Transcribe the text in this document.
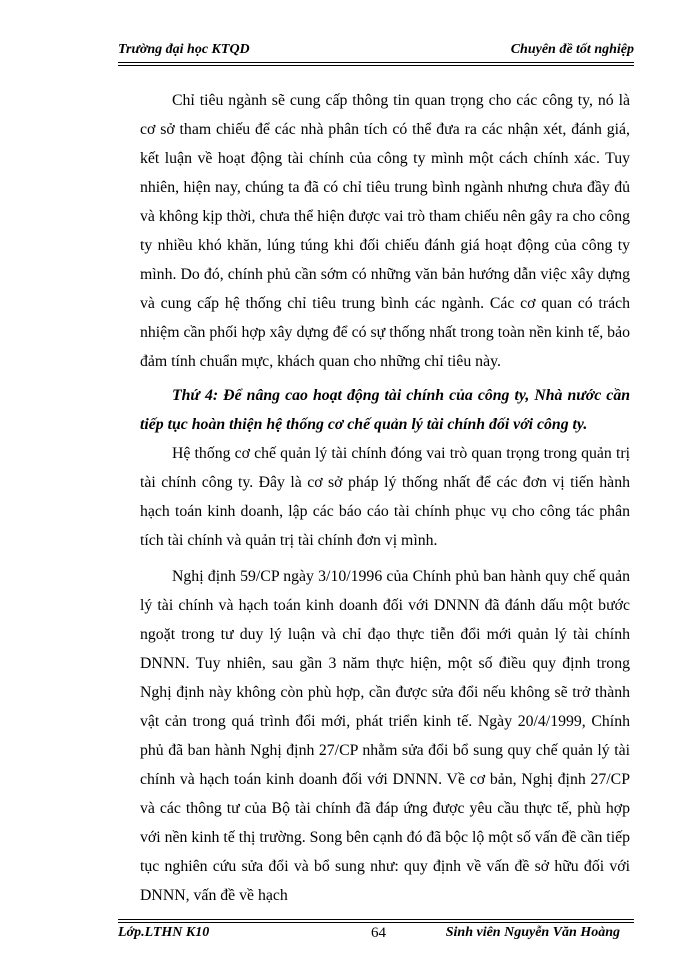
Trường đại học KTQD	Chuyên đề tốt nghiệp

Chỉ tiêu ngành sẽ cung cấp thông tin quan trọng cho các công ty, nó là cơ sở tham chiếu để các nhà phân tích có thể đưa ra các nhận xét, đánh giá, kết luận về hoạt động tài chính của công ty mình một cách chính xác. Tuy nhiên, hiện nay, chúng ta đã có chỉ tiêu trung bình ngành nhưng chưa đầy đủ và không kịp thời, chưa thể hiện được vai trò tham chiếu nên gây ra cho công ty nhiều khó khăn, lúng túng khi đối chiếu đánh giá hoạt động của công ty mình. Do đó, chính phủ cần sớm có những văn bản hướng dẫn việc xây dựng và cung cấp hệ thống chỉ tiêu trung bình các ngành. Các cơ quan có trách nhiệm cần phối hợp xây dựng để có sự thống nhất trong toàn nền kinh tế, bảo đảm tính chuẩn mực, khách quan cho những chỉ tiêu này.

Thứ 4: Để nâng cao hoạt động tài chính của công ty, Nhà nước cần tiếp tục hoàn thiện hệ thống cơ chế quản lý tài chính đối với công ty.

Hệ thống cơ chế quản lý tài chính đóng vai trò quan trọng trong quản trị tài chính công ty. Đây là cơ sở pháp lý thống nhất để các đơn vị tiến hành hạch toán kinh doanh, lập các báo cáo tài chính phục vụ cho công tác phân tích tài chính và quản trị tài chính đơn vị mình.

Nghị định 59/CP ngày 3/10/1996 của Chính phủ ban hành quy chế quản lý tài chính và hạch toán kinh doanh đối với DNNN đã đánh dấu một bước ngoặt trong tư duy lý luận và chỉ đạo thực tiễn đổi mới quản lý tài chính DNNN. Tuy nhiên, sau gần 3 năm thực hiện, một số điều quy định trong Nghị định này không còn phù hợp, cần được sửa đổi nếu không sẽ trở thành vật cản trong quá trình đổi mới, phát triển kinh tế. Ngày 20/4/1999, Chính phủ đã ban hành Nghị định 27/CP nhằm sửa đổi bổ sung quy chế quản lý tài chính và hạch toán kinh doanh đối với DNNN. Về cơ bản, Nghị định 27/CP và các thông tư của Bộ tài chính đã đáp ứng được yêu cầu thực tế, phù hợp với nền kinh tế thị trường. Song bên cạnh đó đã bộc lộ một số vấn đề cần tiếp tục nghiên cứu sửa đổi và bổ sung như: quy định về vấn đề sở hữu đối với DNNN, vấn đề về hạch

Lớp.LTHN K10	64	Sinh viên Nguyễn Văn Hoàng
